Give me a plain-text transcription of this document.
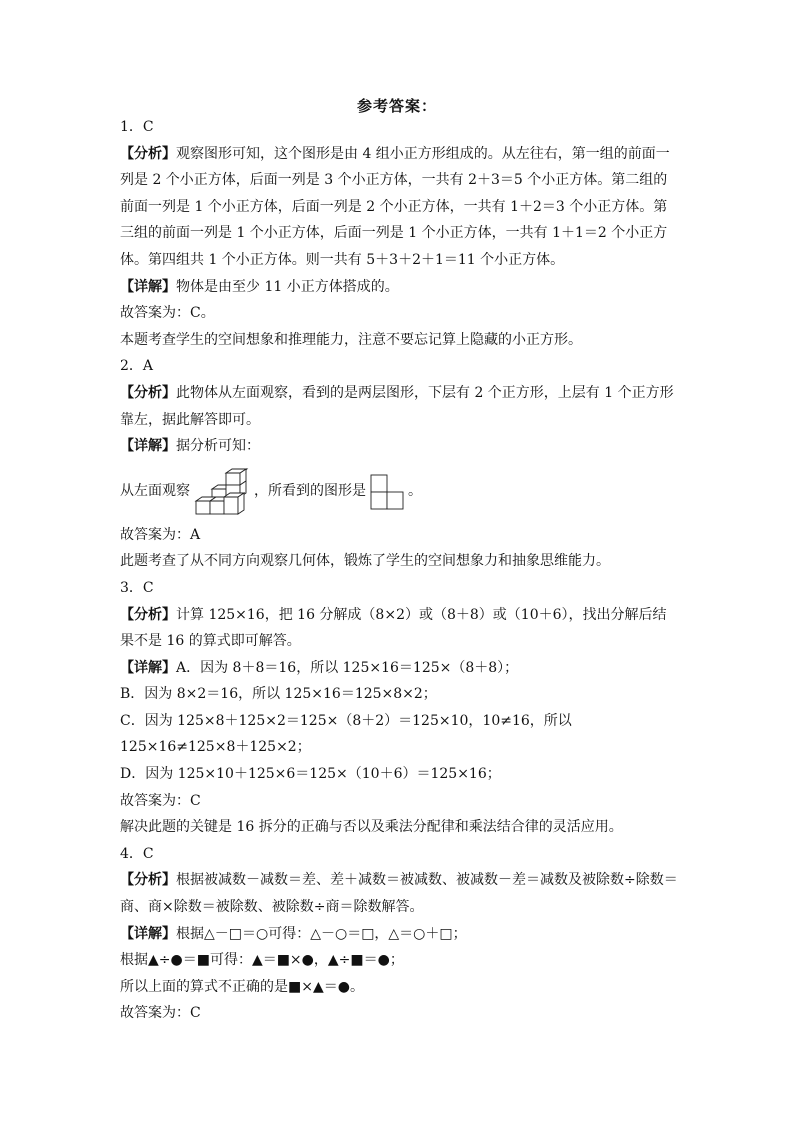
参考答案：

1．C

【分析】观察图形可知，这个图形是由 4 组小正方形组成的。从左往右，第一组的前面一列是 2 个小正方体，后面一列是 3 个小正方体，一共有 2＋3＝5 个小正方体。第二组的前面一列是 1 个小正方体，后面一列是 2 个小正方体，一共有 1＋2＝3 个小正方体。第三组的前面一列是 1 个小正方体，后面一列是 1 个小正方体，一共有 1＋1＝2 个小正方体。第四组共 1 个小正方体。则一共有 5＋3＋2＋1＝11 个小正方体。

【详解】物体是由至少 11 小正方体搭成的。

故答案为：C。

本题考查学生的空间想象和推理能力，注意不要忘记算上隐藏的小正方形。

2．A

【分析】此物体从左面观察，看到的是两层图形，下层有 2 个正方形，上层有 1 个正方形靠左，据此解答即可。

【详解】据分析可知：

从左面观察	，所看到的图形是	。

故答案为：A

此题考查了从不同方向观察几何体，锻炼了学生的空间想象力和抽象思维能力。

3．C

【分析】计算 125×16，把 16 分解成（8×2）或（8＋8）或（10＋6），找出分解后结果不是 16 的算式即可解答。

【详解】A．因为 8＋8＝16，所以 125×16＝125×（8＋8）；

B．因为 8×2＝16，所以 125×16＝125×8×2；

C．因为 125×8＋125×2＝125×（8＋2）＝125×10，10≠16，所以 125×16≠125×8＋125×2；

D．因为 125×10＋125×6＝125×（10＋6）＝125×16；

故答案为：C

解决此题的关键是 16 拆分的正确与否以及乘法分配律和乘法结合律的灵活应用。

4．C

【分析】根据被减数－减数＝差、差＋减数＝被减数、被减数－差＝减数及被除数÷除数＝商、商×除数＝被除数、被除数÷商＝除数解答。

【详解】根据△－□＝○可得：△－○＝□，△＝○＋□；

根据▲÷●＝■可得：▲＝■×●，▲÷■＝●；

所以上面的算式不正确的是■×▲＝●。

故答案为：C
